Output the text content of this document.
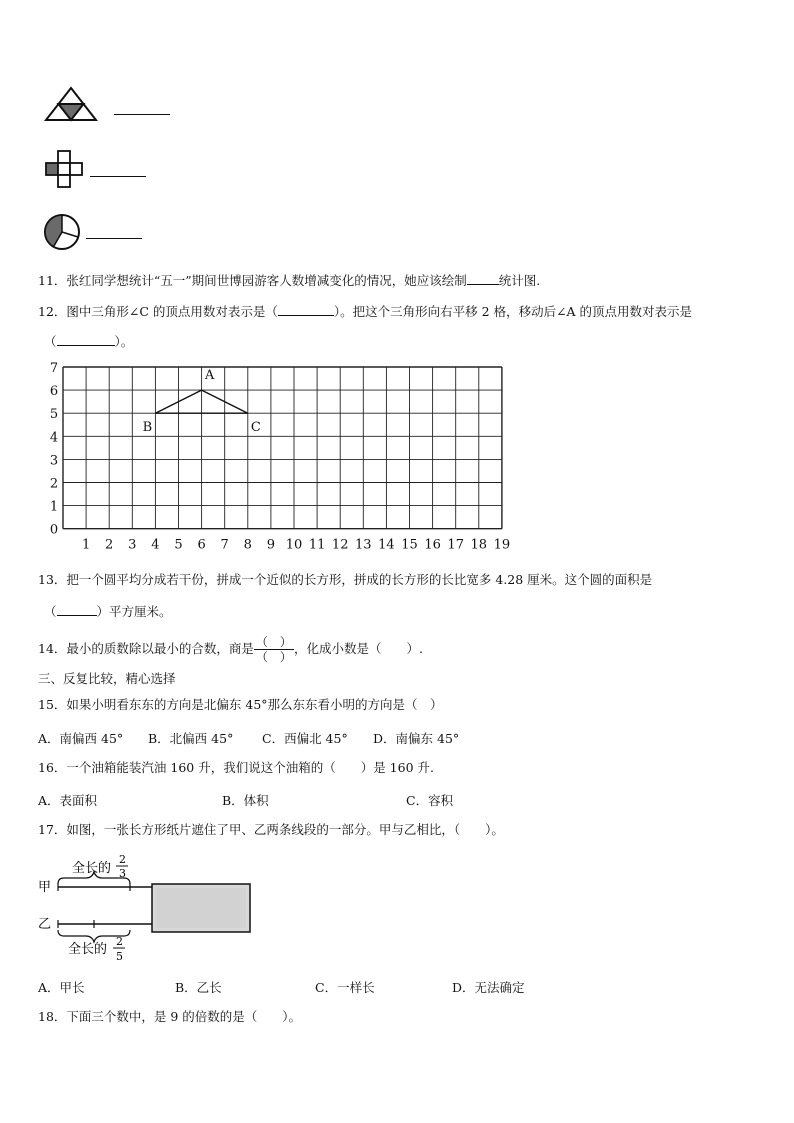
11．张红同学想统计“五一”期间世博园游客人数增减变化的情况，她应该绘制	统计图.
12．图中三角形∠C 的顶点用数对表示是（	）。把这个三角形向右平移 2 格，移动后∠A 的顶点用数对表示是
（	）。
1 2 3 4 5 6 7 8 9 10 11 12 13 14 15 16 17 18 19
0
1
2
3
4
5
6
7	A
B	C
13．把一个圆平均分成若干份，拼成一个近似的长方形，拼成的长方形的长比宽多 4.28 厘米。这个圆的面积是
（	）平方厘米。
14．最小的质数除以最小的合数，商是 $\frac{( )}{( )}$ ，化成小数是（　　）.
三、反复比较，精心选择
15．如果小明看东东的方向是北偏东 45°那么东东看小明的方向是（　）
A．南偏西 45° B．北偏西 45° C．西偏北 45° D．南偏东 45°
16．一个油箱能装汽油 160 升，我们说这个油箱的（　　）是 160 升.
A．表面积	B．体积	C．容积
17．如图，一张长方形纸片遮住了甲、乙两条线段的一部分。甲与乙相比，（　　）。
全长的
2
3
甲
乙
全长的
2
5
A．甲长	B．乙长	C．一样长	D．无法确定
18．下面三个数中，是 9 的倍数的是（　　）。
